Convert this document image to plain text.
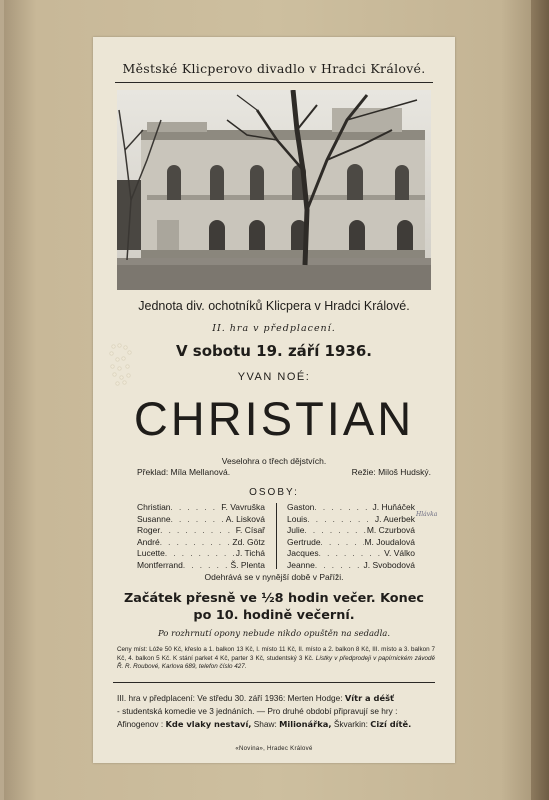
Městské Klicperovo divadlo v Hradci Králové.
Jednota div. ochotníků Klicpera v Hradci Králové.
II. hra v předplacení.
V sobotu 19. září 1936.
YVAN NOÉ:
CHRISTIAN
Veselohra o třech dějstvích.
Překlad: Míla Mellanová.	Režie: Miloš Hudský.
OSOBY:
Christian . . .	F. Vavruška
Susanne . . .	A. Lisková
Roger . . .	F. Císař
André . . .	Zd. Götz
Lucette . . .	J. Tichá
Montferrand . . .	Š. Plenta
Gaston . . .	J. Huňáček
Louis . . .	J. Auerbek
Julie . . .	M. Czurbová
Gertrude . . .	M. Joudalová
Jacques . . .	V. Válko
Jeanne . . .	J. Svobodová
Odehrává se v nynější době v Paříži.
Začátek přesně ve ½8 hodin večer. Konec
po 10. hodině večerní.
Po rozhrnutí opony nebude nikdo opuštěn na sedadla.
Ceny míst: Lóže 50 Kč, křeslo a 1. balkon 13 Kč, I. místo 11 Kč, II. místo a 2. balkon 8 Kč, III. místo a 3. balkon 7 Kč, 4. balkon 5 Kč. K stání parket 4 Kč, parter 3 Kč, studentský 3 Kč. Lístky v předprodeji v papírnickém závodě Ř. R. Roubové, Karlova 689, telefon číslo 427.
III. hra v předplacení: Ve středu 30. září 1936: Merten Hodge: Vítr a déšť
- studentská komedie ve 3 jednáních. — Pro druhé období připravují se hry :
Afinogenov : Kde vlaky nestaví, Shaw: Milionářka, Škvarkin: Cizí dítě.
«Novina», Hradec Králové
Hlávka
